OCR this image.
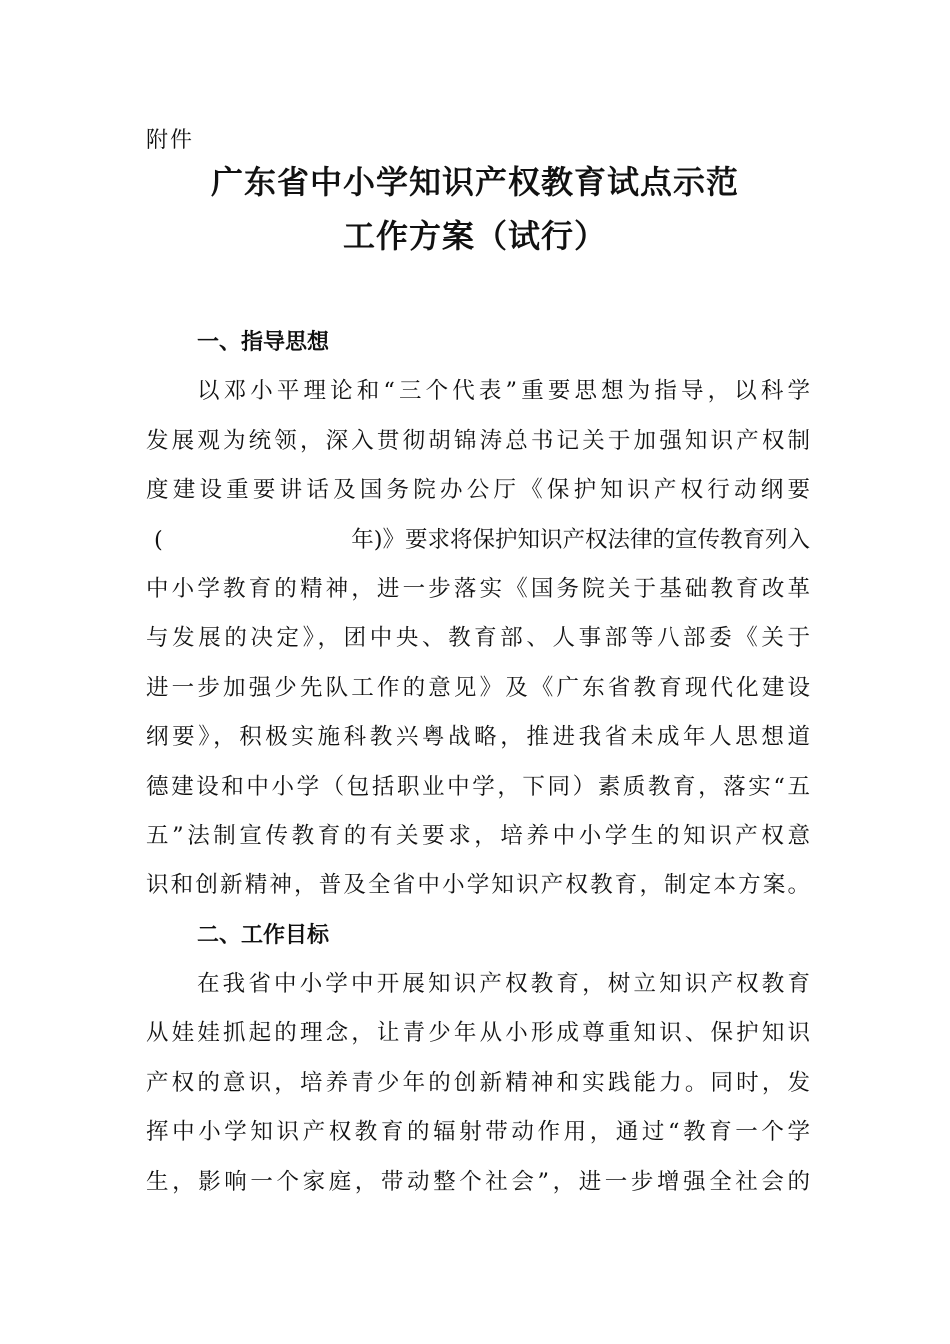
附件
广东省中小学知识产权教育试点示范
工作方案（试行）
一、指导思想
以邓小平理论和“三个代表”重要思想为指导，以科学
发展观为统领，深入贯彻胡锦涛总书记关于加强知识产权制
度建设重要讲话及国务院办公厅《保护知识产权行动纲要
(	年)》要求将保护知识产权法律的宣传教育列入
中小学教育的精神，进一步落实《国务院关于基础教育改革
与发展的决定》，团中央、教育部、人事部等八部委《关于
进一步加强少先队工作的意见》及《广东省教育现代化建设
纲要》，积极实施科教兴粤战略，推进我省未成年人思想道
德建设和中小学（包括职业中学，下同）素质教育，落实“五
五”法制宣传教育的有关要求，培养中小学生的知识产权意
识和创新精神，普及全省中小学知识产权教育，制定本方案。
二、工作目标
在我省中小学中开展知识产权教育，树立知识产权教育
从娃娃抓起的理念，让青少年从小形成尊重知识、保护知识
产权的意识，培养青少年的创新精神和实践能力。同时，发
挥中小学知识产权教育的辐射带动作用，通过“教育一个学
生，影响一个家庭，带动整个社会”，进一步增强全社会的
